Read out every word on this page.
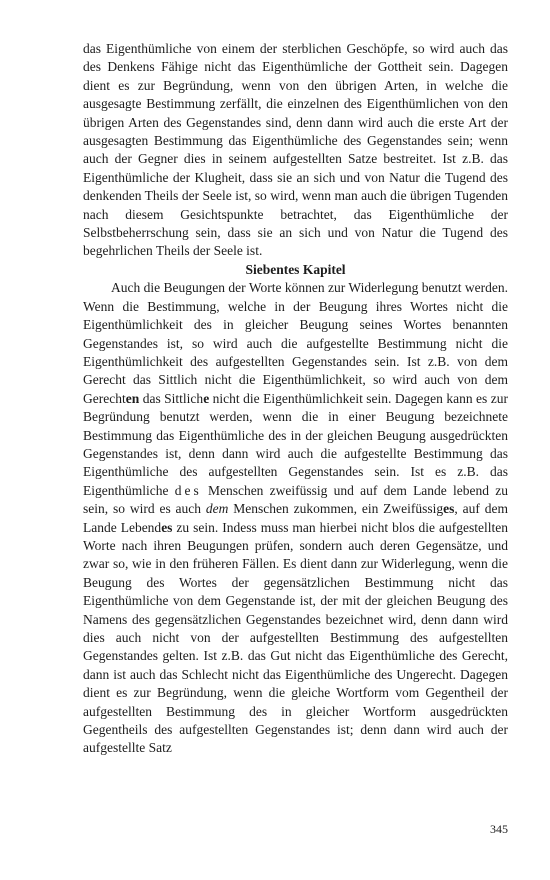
das Eigenthümliche von einem der sterblichen Geschöpfe, so wird auch das des Denkens Fähige nicht das Eigenthümliche der Gottheit sein. Dagegen dient es zur Begründung, wenn von den übrigen Arten, in welche die ausgesagte Bestimmung zerfällt, die einzelnen des Eigenthümlichen von den übrigen Arten des Gegenstandes sind, denn dann wird auch die erste Art der ausgesagten Bestimmung das Eigenthümliche des Gegenstandes sein; wenn auch der Gegner dies in seinem aufgestellten Satze bestreitet. Ist z.B. das Eigenthümliche der Klugheit, dass sie an sich und von Natur die Tugend des denkenden Theils der Seele ist, so wird, wenn man auch die übrigen Tugenden nach diesem Gesichtspunkte betrachtet, das Eigenthümliche der Selbstbeherrschung sein, dass sie an sich und von Natur die Tugend des begehrlichen Theils der Seele ist.

Siebentes Kapitel

Auch die Beugungen der Worte können zur Widerlegung benutzt werden. Wenn die Bestimmung, welche in der Beugung ihres Wortes nicht die Eigenthümlichkeit des in gleicher Beugung seines Wortes benannten Gegenstandes ist, so wird auch die aufgestellte Bestimmung nicht die Eigenthümlichkeit des aufgestellten Gegenstandes sein. Ist z.B. von dem Gerecht das Sittlich nicht die Eigenthümlichkeit, so wird auch von dem Gerechten das Sittliche nicht die Eigenthümlichkeit sein. Dagegen kann es zur Begründung benutzt werden, wenn die in einer Beugung bezeichnete Bestimmung das Eigenthümliche des in der gleichen Beugung ausgedrückten Gegenstandes ist, denn dann wird auch die aufgestellte Bestimmung das Eigenthümliche des aufgestellten Gegenstandes sein. Ist es z.B. das Eigenthümliche des Menschen zweifüssig und auf dem Lande lebend zu sein, so wird es auch dem Menschen zukommen, ein Zweifüssiges, auf dem Lande Lebendes zu sein. Indess muss man hierbei nicht blos die aufgestellten Worte nach ihren Beugungen prüfen, sondern auch deren Gegensätze, und zwar so, wie in den früheren Fällen. Es dient dann zur Widerlegung, wenn die Beugung des Wortes der gegensätzlichen Bestimmung nicht das Eigenthümliche von dem Gegenstande ist, der mit der gleichen Beugung des Namens des gegensätzlichen Gegenstandes bezeichnet wird, denn dann wird dies auch nicht von der aufgestellten Bestimmung des aufgestellten Gegenstandes gelten. Ist z.B. das Gut nicht das Eigenthümliche des Gerecht, dann ist auch das Schlecht nicht das Eigenthümliche des Ungerecht. Dagegen dient es zur Begründung, wenn die gleiche Wortform vom Gegentheil der aufgestellten Bestimmung des in gleicher Wortform ausgedrückten Gegentheils des aufgestellten Gegenstandes ist; denn dann wird auch der aufgestellte Satz

345
